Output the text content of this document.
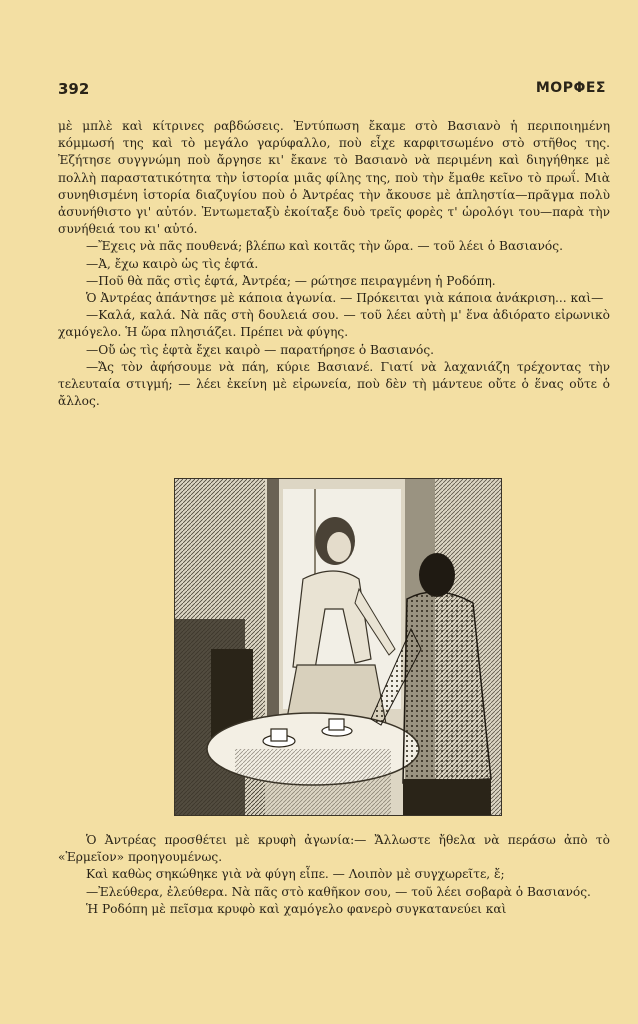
392	ΜΟΡΦΕΣ

μὲ μπλὲ καὶ κίτρινες ραβδώσεις. Ἐντύπωση ἔκαμε στὸ Βασιανὸ ἡ περιποιημένη κόμμωσή της καὶ τὸ μεγάλο γαρύφαλλο, ποὺ εἶχε καρφιτσωμένο στὸ στῆθος της. Ἐζήτησε συγγνώμη ποὺ ἄργησε κι' ἔκανε τὸ Βασιανὸ νὰ περιμένη καὶ διηγήθηκε μὲ πολλὴ παραστατικότητα τὴν ἱστορία μιᾶς φίλης της, ποὺ τὴν ἔμαθε κεῖνο τὸ πρωΐ. Μιὰ συνηθισμένη ἱστορία διαζυγίου ποὺ ὁ Ἀντρέας τὴν ἄκουσε μὲ ἀπληστία—πρᾶγμα πολὺ ἀσυνήθιστο γι' αὐτόν. Ἐντωμεταξὺ ἐκοίταξε δυὸ τρεῖς φορὲς τ' ὡρολόγι του—παρὰ τὴν συνήθειά του κι' αὐτό.

—Ἔχεις νὰ πᾶς πουθενά; βλέπω καὶ κοιτᾶς τὴν ὥρα. — τοῦ λέει ὁ Βασιανός.

—Ἀ, ἔχω καιρὸ ὡς τὶς ἑφτά.

—Ποῦ θὰ πᾶς στὶς ἑφτά, Ἀντρέα; — ρώτησε πειραγμένη ἡ Ροδόπη.

Ὁ Ἀντρέας ἀπάντησε μὲ κάποια ἀγωνία. — Πρόκειται γιὰ κάποια ἀνάκριση... καὶ—

—Καλά, καλά. Νὰ πᾶς στὴ δουλειά σου. — τοῦ λέει αὐτὴ μ' ἕνα ἀδιόρατο εἰρωνικὸ χαμόγελο. Ἡ ὥρα πλησιάζει. Πρέπει νὰ φύγης.

—Οὔ ὡς τὶς ἑφτὰ ἔχει καιρὸ — παρατήρησε ὁ Βασιανός.

—Ἄς τὸν ἀφήσουμε νὰ πάη, κύριε Βασιανέ. Γιατί νὰ λαχανιάζη τρέχοντας τὴν τελευταία στιγμή; — λέει ἐκείνη μὲ εἰρωνεία, ποὺ δὲν τὴ μάντευε οὔτε ὁ ἕνας οὔτε ὁ ἄλλος.

Ὁ Ἀντρέας προσθέτει μὲ κρυφὴ ἀγωνία:— Ἄλλωστε ἤθελα νὰ περάσω ἀπὸ τὸ «Ἑρμεῖον» προηγουμένως.

Καὶ καθὼς σηκώθηκε γιὰ νὰ φύγη εἶπε. — Λοιπὸν μὲ συγχωρεῖτε, ἔ;

—Ἐλεύθερα, ἐλεύθερα. Νὰ πᾶς στὸ καθῆκον σου, — τοῦ λέει σοβαρὰ ὁ Βασιανός.

Ἡ Ροδόπη μὲ πεῖσμα κρυφὸ καὶ χαμόγελο φανερὸ συγκατανεύει καὶ
